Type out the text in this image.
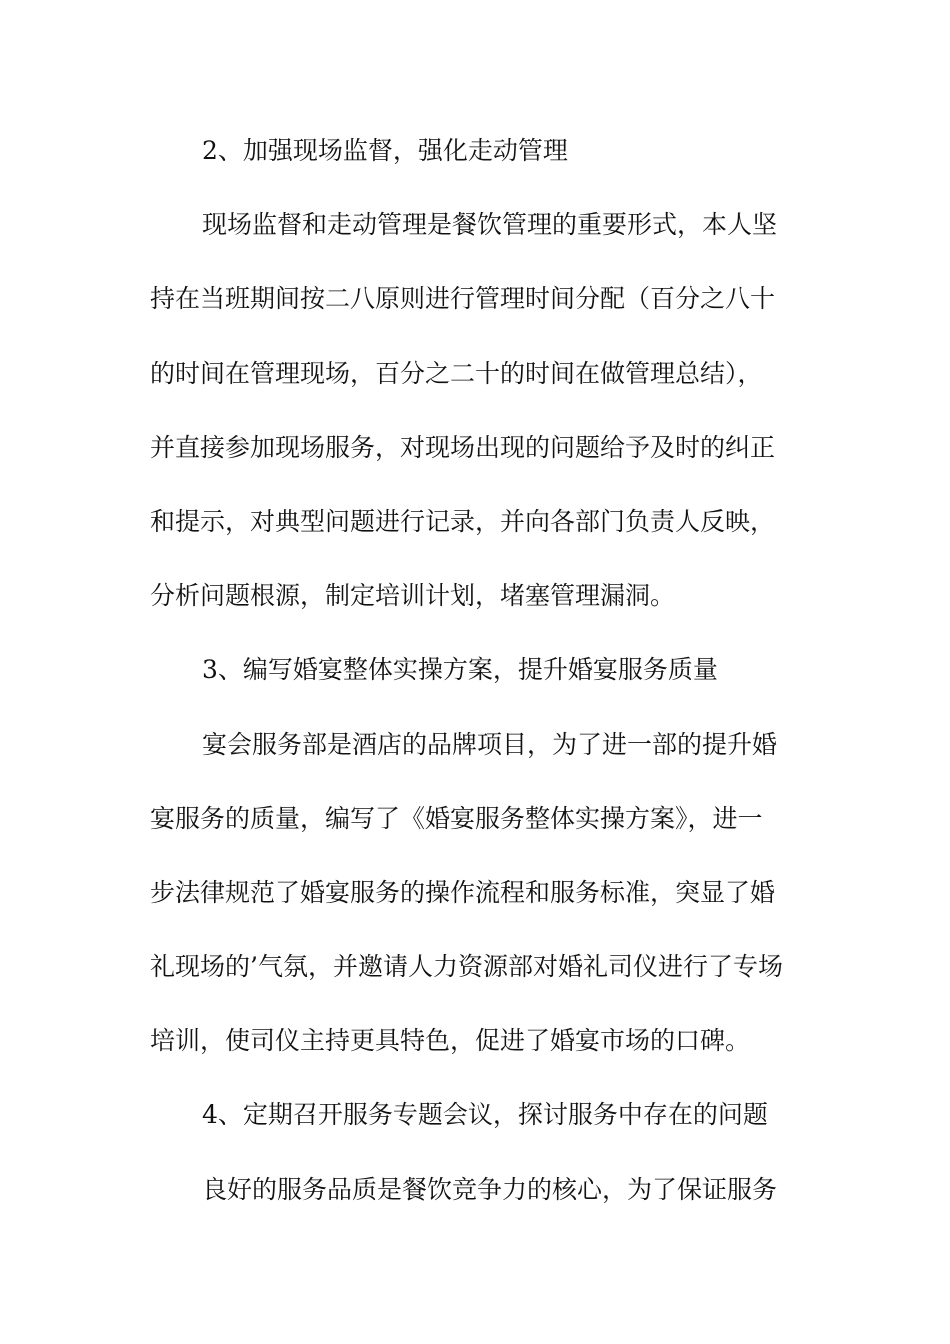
2、加强现场监督，强化走动管理
现场监督和走动管理是餐饮管理的重要形式，本人坚
持在当班期间按二八原则进行管理时间分配（百分之八十
的时间在管理现场，百分之二十的时间在做管理总结），
并直接参加现场服务，对现场出现的问题给予及时的纠正
和提示，对典型问题进行记录，并向各部门负责人反映，
分析问题根源，制定培训计划，堵塞管理漏洞。
3、编写婚宴整体实操方案，提升婚宴服务质量
宴会服务部是酒店的品牌项目，为了进一部的提升婚
宴服务的质量，编写了《婚宴服务整体实操方案》，进一
步法律规范了婚宴服务的操作流程和服务标准，突显了婚
礼现场的’气氛，并邀请人力资源部对婚礼司仪进行了专场
培训，使司仪主持更具特色，促进了婚宴市场的口碑。
4、定期召开服务专题会议，探讨服务中存在的问题
良好的服务品质是餐饮竞争力的核心，为了保证服务
